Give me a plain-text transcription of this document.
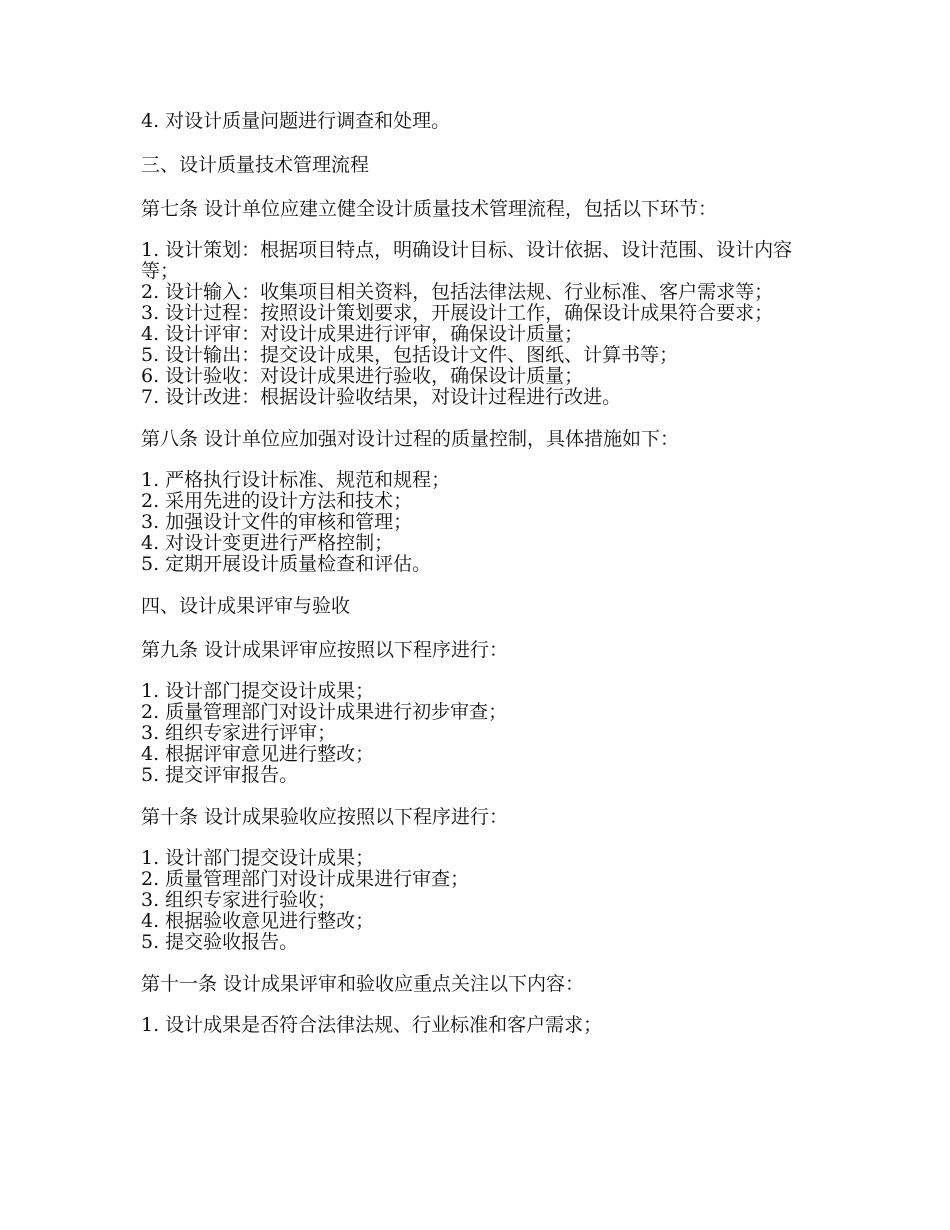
4. 对设计质量问题进行调查和处理。

三、设计质量技术管理流程

第七条 设计单位应建立健全设计质量技术管理流程，包括以下环节：

1. 设计策划：根据项目特点，明确设计目标、设计依据、设计范围、设计内容等；
2. 设计输入：收集项目相关资料，包括法律法规、行业标准、客户需求等；
3. 设计过程：按照设计策划要求，开展设计工作，确保设计成果符合要求；
4. 设计评审：对设计成果进行评审，确保设计质量；
5. 设计输出：提交设计成果，包括设计文件、图纸、计算书等；
6. 设计验收：对设计成果进行验收，确保设计质量；
7. 设计改进：根据设计验收结果，对设计过程进行改进。

第八条 设计单位应加强对设计过程的质量控制，具体措施如下：

1. 严格执行设计标准、规范和规程；
2. 采用先进的设计方法和技术；
3. 加强设计文件的审核和管理；
4. 对设计变更进行严格控制；
5. 定期开展设计质量检查和评估。

四、设计成果评审与验收

第九条 设计成果评审应按照以下程序进行：

1. 设计部门提交设计成果；
2. 质量管理部门对设计成果进行初步审查；
3. 组织专家进行评审；
4. 根据评审意见进行整改；
5. 提交评审报告。

第十条 设计成果验收应按照以下程序进行：

1. 设计部门提交设计成果；
2. 质量管理部门对设计成果进行审查；
3. 组织专家进行验收；
4. 根据验收意见进行整改；
5. 提交验收报告。

第十一条 设计成果评审和验收应重点关注以下内容：

1. 设计成果是否符合法律法规、行业标准和客户需求；
